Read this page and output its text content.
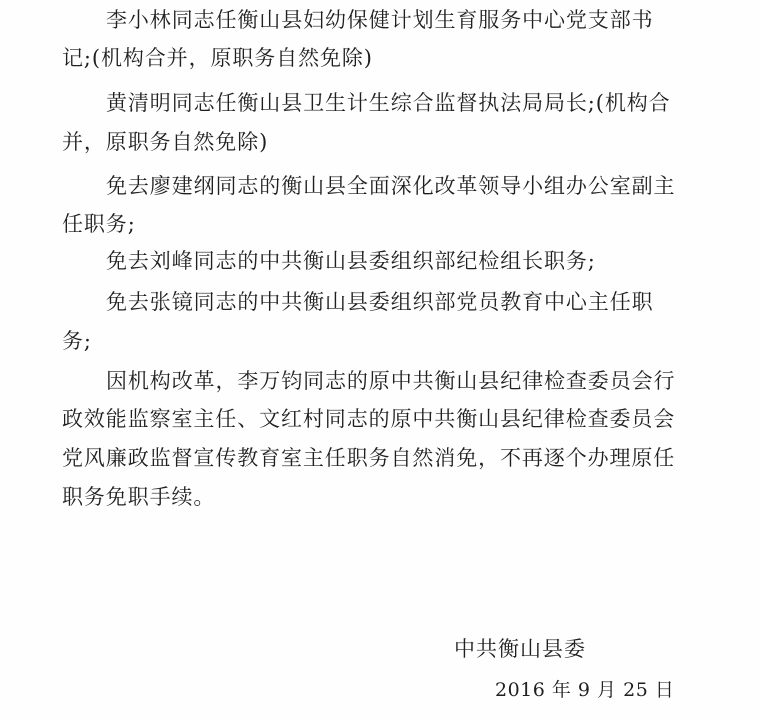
李小林同志任衡山县妇幼保健计划生育服务中心党支部书

记;(机构合并，原职务自然免除)

黄清明同志任衡山县卫生计生综合监督执法局局长;(机构合

并，原职务自然免除)

免去廖建纲同志的衡山县全面深化改革领导小组办公室副主

任职务;

免去刘峰同志的中共衡山县委组织部纪检组长职务;

免去张镜同志的中共衡山县委组织部党员教育中心主任职

务;

因机构改革，李万钧同志的原中共衡山县纪律检查委员会行

政效能监察室主任、文红村同志的原中共衡山县纪律检查委员会

党风廉政监督宣传教育室主任职务自然消免，不再逐个办理原任

职务免职手续。

中共衡山县委

2016 年 9 月 25 日
